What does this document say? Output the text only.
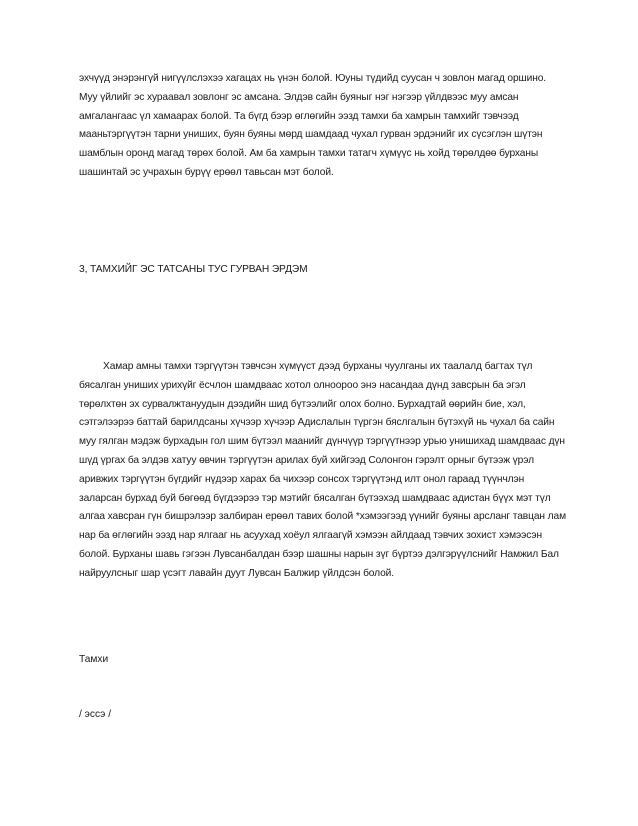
эхчүүд энэрэнгүй нигүүлслэхээ хагацах нь үнэн болой. Юуны түдийд суусан ч зовлон магад оршино. Муу үйлийг эс хураавал зовлонг эс амсана. Элдэв сайн буяныг нэг нэгээр үйлдвээс муу амсан амгалангаас үл хамаарах болой. Та бүгд бээр өглөгийн ээзд тамхи ба хамрын тамхийг тэвчээд мааньтэргүүтэн тарни униших, буян буяны мөрд шамдаад чухал гурван эрдэнийг их сүсэглэн шүтэн шамблын оронд магад төрөх болой. Ам ба хамрын тамхи татагч хүмүүс нь хойд төрөлдөө бурханы шашинтай эс учрахын бурүү ерөөл тавьсан мэт болой.

3, ТАМХИЙГ ЭС ТАТСАНЫ ТУС ГУРВАН ЭРДЭМ

Хамар амны тамхи тэргүүтэн тэвчсэн хүмүүст дээд бурханы чуулганы их таалалд багтах түл бясалган униших урихүйг ёсчлон шамдваас хотол олноороо энэ насандаа дүнд завсрын ба эгэл төрөлхтөн эх сурвалжтануудын дээдийн шид бүтээлийг олох болно. Бурхадтай өөрийн бие, хэл, сэтгэлээрээ баттай барилдсаны хүчээр хүчээр Адислалын түргэн бяслгалын бүтэхүй нь чухал ба сайн муу гялган мэдэж бурхадын гол шим бүтээл маанийг дүнчүүр тэргүүтнээр урью унишихад шамдваас дүн шүд үргах ба элдэв хатуу өвчин тэргүүтэн арилах буй хийгээд Солонгон гэрэлт орныг бүтээж үрэл аривжих тэргүүтэн бүгдийг нүдээр харах ба чихээр сонсох тэргүүтэнд илт онол гараад түүнчлэн заларсан бурхад буй бөгөөд бүгдээрээ тэр мэтийг бясалган бүтээхэд шамдваас адистан бүүх мэт түл алгаа хавсран гүн бишрэлээр залбиран ерөөл тавих болой *хэмээгээд үүнийг буяны арсланг тавцан лам нар ба өглөгийн ээзд нар ялгааг нь асуухад хоёул ялгаагүй хэмээн айлдаад тэвчих зохист хэмээсэн болой. Бурханы шавь гэгээн Лувсанбалдан бээр шашны нарын зүг бүртээ дэлгэрүүлснийг Намжил Бал найруулсныг шар үсэгт лавайн дуут Лувсан Балжир үйлдсэн болой.

Тамхи

/ эссэ /
